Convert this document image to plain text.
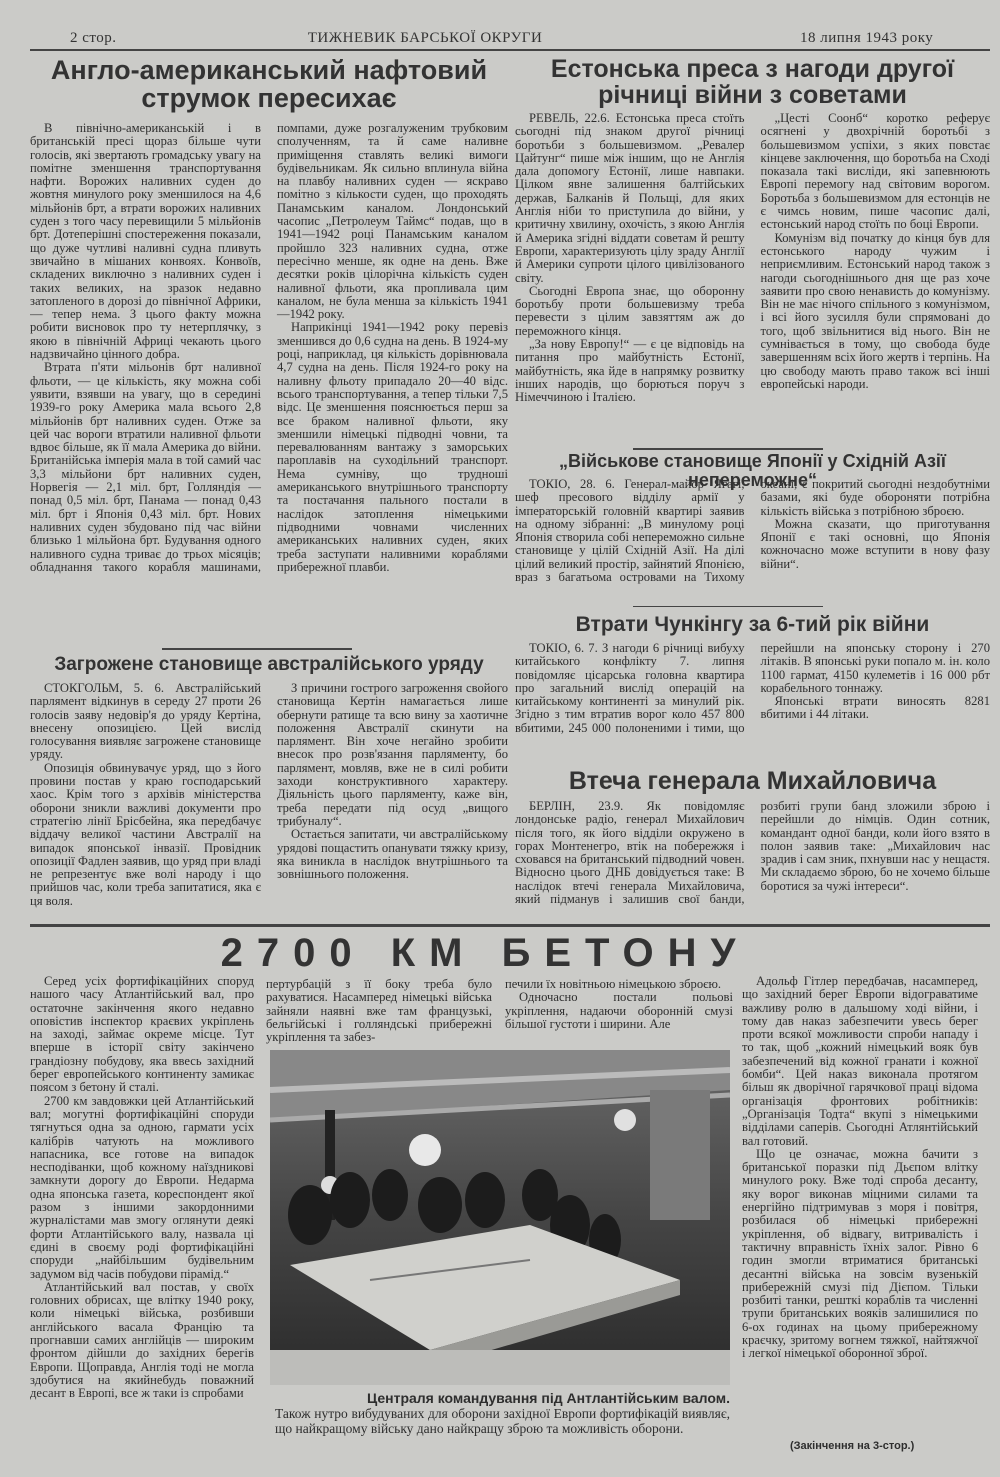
2 стор.	ТИЖНЕВИК БАРСЬКОЇ ОКРУГИ	18 липня 1943 року
Англо-американський нафтовий струмок пересихає

В північно-американській і в британській пресі щораз більше чути голосів, які звертають громадську увагу на помітне зменшення транспортування нафти. Ворожих наливних суден до жовтня минулого року зменшилося на 4,6 мільйонів брт, а втрати ворожих наливних суден з того часу перевищили 5 мільйонів брт. Дотеперішні спостереження показали, що дуже чутливі наливні судна пливуть звичайно в мішаних конвоях. Конвоїв, складених виключно з наливних суден і таких великих, на зразок недавно затопленого в дорозі до північної Африки, — тепер нема. З цього факту можна робити висновок про ту нетерплячку, з якою в північній Африці чекають цього надзвичайно цінного добра.

Втрата п'яти мільонів брт наливної фльоти, — це кількість, яку можна собі уявити, взявши на увагу, що в середині 1939-го року Америка мала всього 2,8 мільйонів брт наливних суден. Отже за цей час вороги втратили наливної фльоти вдвоє більше, як її мала Америка до війни. Британійська імперія мала в той самий час 3,3 мільйони брт наливних суден, Норвегія — 2,1 міл. брт, Голляндія — понад 0,5 міл. брт, Панама — понад 0,43 міл. брт і Японія 0,43 міл. брт. Нових наливних суден збудовано під час війни близько 1 мільйона брт. Будування одного наливного судна триває до трьох місяців; обладнання такого корабля машинами, помпами, дуже розгалуженим трубковим сполученням, та й саме наливне приміщення ставлять великі вимоги будівельникам. Як сильно вплинула війна на плавбу наливних суден — яскраво помітно з кількости суден, що проходять Панамським каналом. Лондонський часопис „Петролеум Таймс“ подав, що в 1941—1942 році Панамським каналом пройшло 323 наливних судна, отже пересічно менше, як одне на день. Вже десятки років цілорічна кількість суден наливної фльоти, яка пропливала цим каналом, не була менша за кількість 1941—1942 року.

Наприкінці 1941—1942 року перевіз зменшився до 0,6 судна на день. В 1924-му році, наприклад, ця кількість дорівнювала 4,7 судна на день. Після 1924-го року на наливну фльоту припадало 20—40 відс. всього транспортування, а тепер тільки 7,5 відс. Це зменшення пояснюється перш за все браком наливної фльоти, яку зменшили німецькі підводні човни, та перевалюванням вантажу з заморських пароплавів на суходільний транспорт. Нема сумніву, що трудноші американського внутрішнього транспорту та постачання пального постали в наслідок затоплення німецькими підводними човнами численних американських наливних суден, яких треба заступати наливними кораблями прибережної плавби.

Естонська преса з нагоди другої річниці війни з советами

РЕВЕЛЬ, 22.6. Естонська преса стоїть сьогодні під знаком другої річниці боротьби з большевизмом. „Ревалер Цайтунг“ пише між іншим, що не Англія дала допомогу Естонії, лише навпаки. Цілком явне залишення балтійських держав, Балканів й Польщі, для яких Англія ніби то приступила до війни, у критичну хвилину, охочість, з якою Англія й Америка згідні віддати советам й решту Европи, характеризують цілу зраду Англії й Америки супроти цілого цивілізованого світу.

Сьогодні Европа знає, що оборонну боротьбу проти большевизму треба перевести з цілим завзяттям аж до переможного кінця.

„За нову Европу!“ — є це відповідь на питання про майбутність Естонії, майбутність, яка йде в напрямку розвитку інших народів, що борються поруч з Німеччиною і Італією.

„Цесті Соонб“ коротко реферує осягнені у двохрічній боротьбі з большевизмом успіхи, з яких повстає кінцеве заключення, що боротьба на Сході показала такі висліди, які запевнюють Европі перемогу над світовим ворогом. Боротьба з большевизмом для естонців не є чимсь новим, пише часопис далі, естонський народ стоїть по боці Европи.

Комунізм від початку до кінця був для естонського народу чужим і неприємливим. Естонський народ також з нагоди сьогоднішнього дня ще раз хоче заявити про свою ненависть до комунізму. Він не має нічого спільного з комунізмом, і всі його зусилля були спрямовані до того, щоб звільнитися від нього. Він не сумнівається в тому, що свобода буде завершенням всіх його жертв і терпінь. На цю свободу мають право також всі інші европейські народи.

„Військове становище Японії у Східній Азії непереможне“

ТОКІО, 28. 6. Генерал-майор Ягагі, шеф пресового відділу армії у імператорській головній квартирі заявив на одному зібранні: „В минулому році Японія створила собі непереможно сильне становище у цілій Східній Азії. На ділі цілий великий простір, зайнятий Японією, враз з багатьома островами на Тихому океані, є покритий сьогодні нездобутніми базами, які буде обороняти потрібна кількість війська з потрібною зброєю.

Можна сказати, що приготування Японії є такі основні, що Японія кожночасно може вступити в нову фазу війни“.

Втрати Чункінгу за 6-тий рік війни

ТОКІО, 6. 7. З нагоди 6 річниці вибуху китайського конфлікту 7. липня повідомляє цісарська головна квартира про загальний вислід операцій на китайському континенті за минулий рік. Згідно з тим втратив ворог коло 457 800 вбитими, 245 000 полоненими і тими, що перейшли на японську сторону і 270 літаків. В японські руки попало м. ін. коло 1100 гармат, 4150 кулеметів і 16 000 рбт корабельного тоннажу.

Японські втрати виносять 8281 вбитими і 44 літаки.

Втеча генерала Михайловича

БЕРЛІН, 23.9. Як повідомляє лондонське радіо, генерал Михайлович після того, як його відділи окружено в горах Монтенегро, втік на побережжя і сховався на британський підводний човен. Відносно цього ДНБ довідується таке: В наслідок втечі генерала Михайловича, який підманув і залишив свої банди, розбиті групи банд зложили зброю і перейшли до німців. Один сотник, командант одної банди, коли його взято в полон заявив таке: „Михайлович нас зрадив і сам зник, пхнувши нас у нещастя. Ми складаємо зброю, бо не хочемо більше боротися за чужі інтереси“.

Загрожене становище австралійського уряду

СТОКГОЛЬМ, 5. 6. Австралійський парлямент відкинув в середу 27 проти 26 голосів заяву недовір'я до уряду Кертіна, внесену опозицією. Цей вислід голосування виявляє загрожене становище уряду.

Опозиція обвинувачує уряд, що з його провини постав у краю господарський хаос. Крім того з архівів міністерства оборони зникли важливі документи про стратегію лінії Брісбейна, яка передбачує віддачу великої частини Австралії на випадок японської інвазії. Провідник опозиції Фадлен заявив, що уряд при владі не репрезентує вже волі народу і що прийшов час, коли треба запитатися, яка є ця воля.

З причини гострого загроження свойого становища Кертін намагається лише обернути ратище та всю вину за хаотичне положення Австралії скинути на парлямент. Він хоче негайно зробити внесок про розв'язання парляменту, бо парлямент, мовляв, вже не в силі робити заходи конструктивного характеру. Діяльність цього парляменту, каже він, треба передати під осуд „вищого трибуналу“.

Остається запитати, чи австралійському урядові пощастить опанувати тяжку кризу, яка виникла в наслідок внутрішнього та зовнішнього положення.

2700 КМ БЕТОНУ

Серед усіх фортифікаційних споруд нашого часу Атлантійський вал, про остаточне закінчення якого недавно оповістив інспектор краєвих укріплень на заході, займає окреме місце. Тут вперше в історії світу закінчено грандіозну побудову, яка ввесь західний берег европейського континенту замикає поясом з бетону й сталі.

2700 км завдовжки цей Атлантійський вал; могутні фортифікаційні споруди тягнуться одна за одною, гармати усіх калібрів чатують на можливого напасника, все готове на випадок несподіванки, щоб кожному наїздникові замкнути дорогу до Европи. Недарма одна японська газета, кореспондент якої разом з іншими закордонними журналістами мав змогу оглянути деякі форти Атлантійського валу, назвала ці єдині в своєму роді фортифікаційні споруди „найбільшим будівельним задумом від часів побудови пірамід.“

Атлантійський вал постав, у своїх головних обрисах, ще влітку 1940 року, коли німецькі війська, розбивши англійського васала Францію та прогнавши самих англійців — широким фронтом дійшли до західних берегів Европи. Щоправда, Англія тоді не могла здобутися на якийнебудь поважний десант в Европі, все ж таки із спробами

пертурбацій з її боку треба було рахуватися. Насамперед німецькі війська зайняли наявні вже там французькі, бельгійські і голляндські прибережні укріплення та забез-

печили їх новітньою німецькою зброєю.

Одночасно постали польові укріплення, надаючи оборонній смузі більшої густоти і ширини. Але

Адольф Гітлер передбачав, насамперед, що західний берег Европи відограватиме важливу ролю в дальшому ході війни, і тому дав наказ забезпечити увесь берег проти всякої можливости спроби нападу і то так, щоб „кожний німецький вояк був забезпечений від кожної гранати і кожної бомби“. Цей наказ виконала протягом більш як дворічної гарячкової праці відома організація фронтових робітників: „Організація Тодта“ вкупі з німецькими відділами саперів. Сьогодні Атлянтійський вал готовий.

Що це означає, можна бачити з британської поразки під Дьєпом влітку минулого року. Вже тоді спроба десанту, яку ворог виконав міцними силами та енергійно підтримував з моря і повітря, розбилася об німецькі прибережні укріплення, об відвагу, витривалість і тактичну вправність їхніх залог. Рівно 6 годин змогли втриматися британські десантні війська на зовсім вузенькій прибережній смузі під Дієпом. Тільки розбиті танки, решткі кораблів та численні трупи британських вояків залишилися по 6-ох годинах на цьому прибережному краєчку, зритому вогнем тяжкої, найтяжчої і легкої німецької оборонної зброї.

(Закінчення на 3-стор.)
Централя командування під Антлантійським валом.
Також нутро вибудуваних для оборони західної Европи фортифікацій виявляє, що найкращому війську дано найкращу зброю та можливість оборони.
